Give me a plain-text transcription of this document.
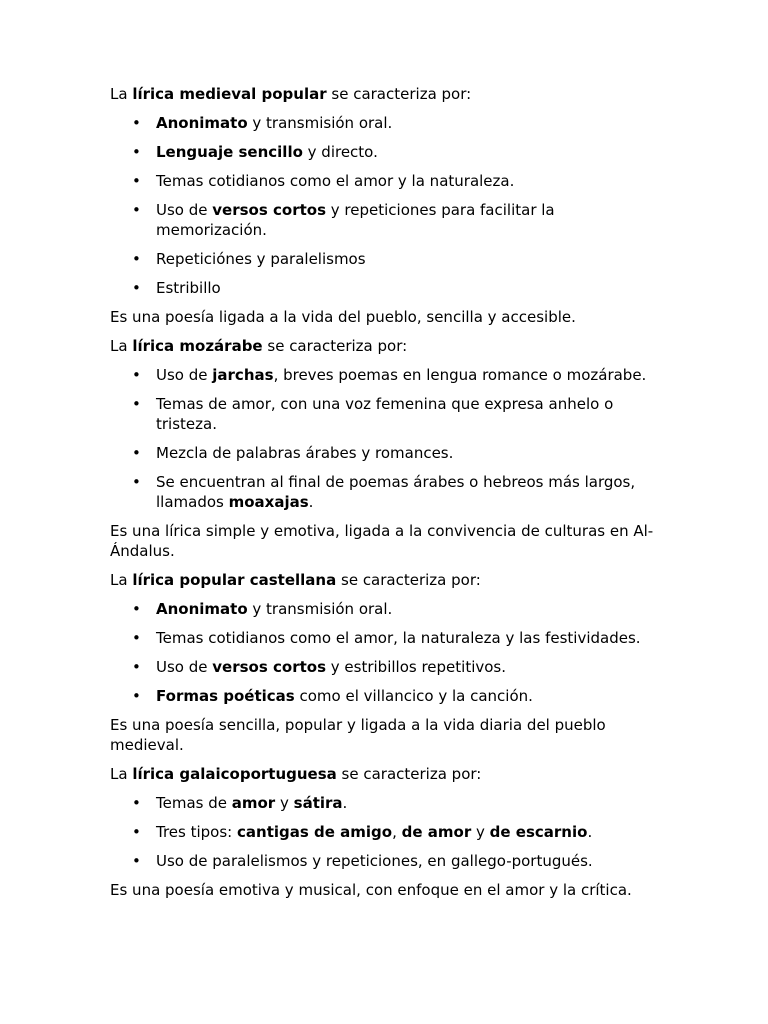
La lírica medieval popular se caracteriza por:

• Anonimato y transmisión oral.
• Lenguaje sencillo y directo.
• Temas cotidianos como el amor y la naturaleza.
• Uso de versos cortos y repeticiones para facilitar la memorización.
• Repeticiónes y paralelismos
• Estribillo

Es una poesía ligada a la vida del pueblo, sencilla y accesible.

La lírica mozárabe se caracteriza por:

• Uso de jarchas, breves poemas en lengua romance o mozárabe.
• Temas de amor, con una voz femenina que expresa anhelo o tristeza.
• Mezcla de palabras árabes y romances.
• Se encuentran al final de poemas árabes o hebreos más largos, llamados moaxajas.

Es una lírica simple y emotiva, ligada a la convivencia de culturas en Al-Ándalus.

La lírica popular castellana se caracteriza por:

• Anonimato y transmisión oral.
• Temas cotidianos como el amor, la naturaleza y las festividades.
• Uso de versos cortos y estribillos repetitivos.
• Formas poéticas como el villancico y la canción.

Es una poesía sencilla, popular y ligada a la vida diaria del pueblo medieval.

La lírica galaicoportuguesa se caracteriza por:

• Temas de amor y sátira.
• Tres tipos: cantigas de amigo, de amor y de escarnio.
• Uso de paralelismos y repeticiones, en gallego-portugués.

Es una poesía emotiva y musical, con enfoque en el amor y la crítica.
